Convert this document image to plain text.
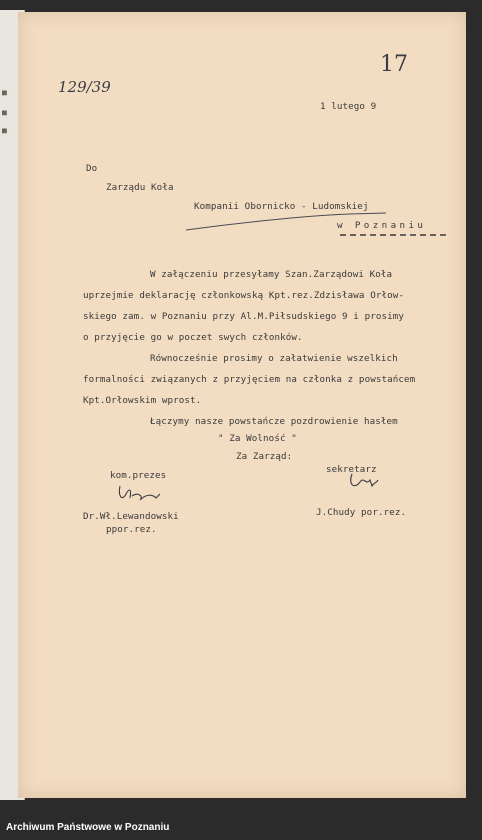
■
■
■
129/39
17
1 lutego 9
Do
Zarządu Koła
Kompanii Obornicko - Ludomskiej
w Poznaniu
W załączeniu przesyłamy Szan.Zarządowi Koła
uprzejmie deklarację członkowską Kpt.rez.Zdzisława Orłow-
skiego zam. w Poznaniu przy Al.M.Piłsudskiego 9 i prosimy
o przyjęcie go w poczet swych członków.
Równocześnie prosimy o załatwienie wszelkich
formalności związanych z przyjęciem na członka z powstańcem
Kpt.Orłowskim wprost.
Łączymy nasze powstańcze pozdrowienie hasłem
" Za Wolność "
Za Zarząd:
kom.prezes
sekretarz
Dr.Wł.Lewandowski
ppor.rez.
J.Chudy por.rez.
Archiwum Państwowe w Poznaniu
